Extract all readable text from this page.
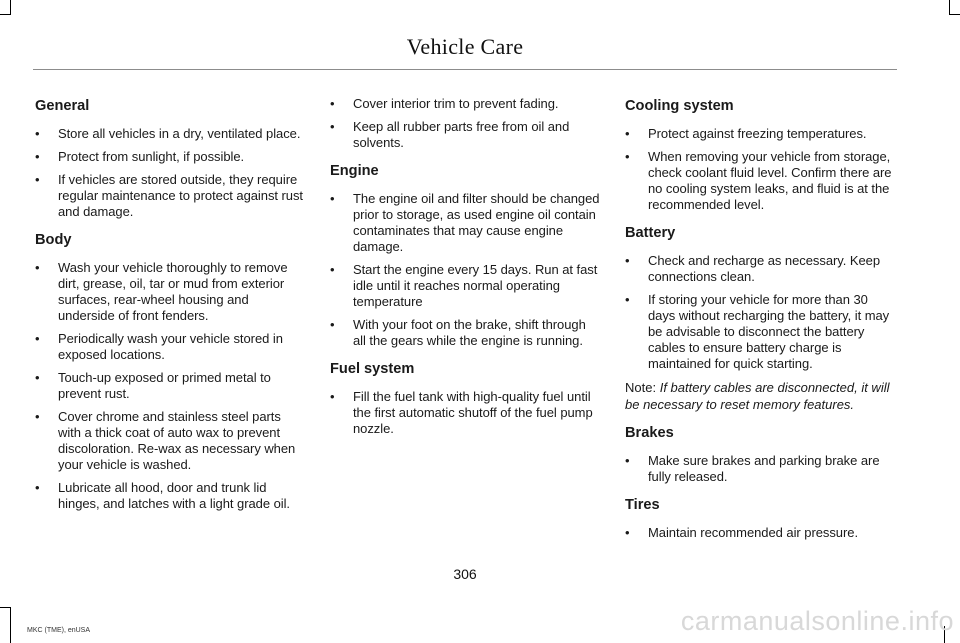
Vehicle Care
General
•	Store all vehicles in a dry, ventilated place.
•	Protect from sunlight, if possible.
•	If vehicles are stored outside, they require regular maintenance to protect against rust and damage.
Body
•	Wash your vehicle thoroughly to remove dirt, grease, oil, tar or mud from exterior surfaces, rear-wheel housing and underside of front fenders.
•	Periodically wash your vehicle stored in exposed locations.
•	Touch-up exposed or primed metal to prevent rust.
•	Cover chrome and stainless steel parts with a thick coat of auto wax to prevent discoloration. Re-wax as necessary when your vehicle is washed.
•	Lubricate all hood, door and trunk lid hinges, and latches with a light grade oil.
•	Cover interior trim to prevent fading.
•	Keep all rubber parts free from oil and solvents.
Engine
•	The engine oil and filter should be changed prior to storage, as used engine oil contain contaminates that may cause engine damage.
•	Start the engine every 15 days. Run at fast idle until it reaches normal operating temperature
•	With your foot on the brake, shift through all the gears while the engine is running.
Fuel system
•	Fill the fuel tank with high-quality fuel until the first automatic shutoff of the fuel pump nozzle.
Cooling system
•	Protect against freezing temperatures.
•	When removing your vehicle from storage, check coolant fluid level. Confirm there are no cooling system leaks, and fluid is at the recommended level.
Battery
•	Check and recharge as necessary. Keep connections clean.
•	If storing your vehicle for more than 30 days without recharging the battery, it may be advisable to disconnect the battery cables to ensure battery charge is maintained for quick starting.
Note: If battery cables are disconnected, it will be necessary to reset memory features.
Brakes
•	Make sure brakes and parking brake are fully released.
Tires
•	Maintain recommended air pressure.
306
MKC (TME), enUSA	carmanualsonline.info
